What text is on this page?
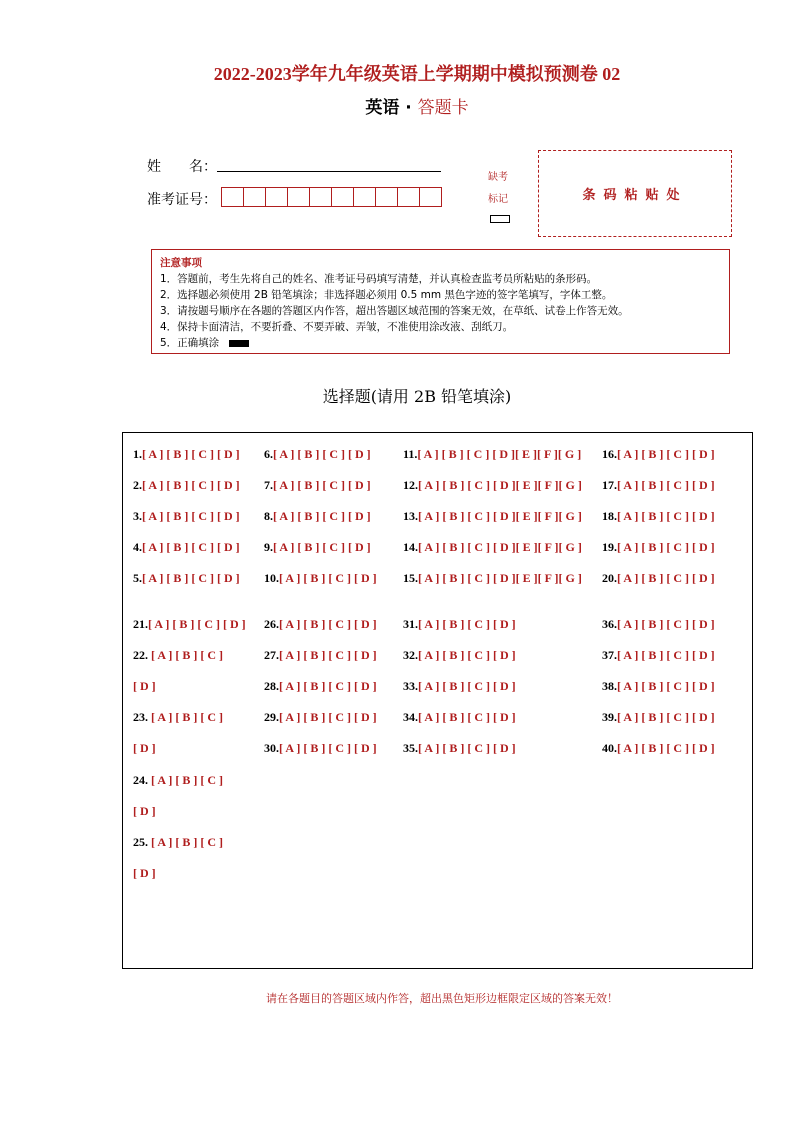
2022-2023学年九年级英语上学期期中模拟预测卷 02
英语 · 答题卡
姓　　名：
准考证号：
缺考
标记	条码粘贴处
注意事项
1．答题前，考生先将自己的姓名、准考证号码填写清楚，并认真检查监考员所粘贴的条形码。
2．选择题必须使用 2B 铅笔填涂；非选择题必须用 0.5 mm 黑色字迹的签字笔填写，字体工整。
3．请按题号顺序在各题的答题区内作答，超出答题区域范围的答案无效，在草纸、试卷上作答无效。
4．保持卡面清洁，不要折叠、不要弄破、弄皱，不准使用涂改液、刮纸刀。
5．正确填涂
选择题(请用 2B 铅笔填涂)
1.[ A ] [ B ] [ C ] [ D ]
2.[ A ] [ B ] [ C ] [ D ]
3.[ A ] [ B ] [ C ] [ D ]
4.[ A ] [ B ] [ C ] [ D ]
5.[ A ] [ B ] [ C ] [ D ]
6.[ A ] [ B ] [ C ] [ D ]
7.[ A ] [ B ] [ C ] [ D ]
8.[ A ] [ B ] [ C ] [ D ]
9.[ A ] [ B ] [ C ] [ D ]
10.[ A ] [ B ] [ C ] [ D ]
11.[ A ] [ B ] [ C ] [ D ][ E ][ F ][ G ]
12.[ A ] [ B ] [ C ] [ D ][ E ][ F ][ G ]
13.[ A ] [ B ] [ C ] [ D ][ E ][ F ][ G ]
14.[ A ] [ B ] [ C ] [ D ][ E ][ F ][ G ]
15.[ A ] [ B ] [ C ] [ D ][ E ][ F ][ G ]
16.[ A ] [ B ] [ C ] [ D ]
17.[ A ] [ B ] [ C ] [ D ]
18.[ A ] [ B ] [ C ] [ D ]
19.[ A ] [ B ] [ C ] [ D ]
20.[ A ] [ B ] [ C ] [ D ]
21.[ A ] [ B ] [ C ] [ D ]
22. [ A ] [ B ] [ C ]
[ D ]
23. [ A ] [ B ] [ C ]
[ D ]
24. [ A ] [ B ] [ C ]
[ D ]
25. [ A ] [ B ] [ C ]
[ D ]
26.[ A ] [ B ] [ C ] [ D ]
27.[ A ] [ B ] [ C ] [ D ]
28.[ A ] [ B ] [ C ] [ D ]
29.[ A ] [ B ] [ C ] [ D ]
30.[ A ] [ B ] [ C ] [ D ]
31.[ A ] [ B ] [ C ] [ D ]
32.[ A ] [ B ] [ C ] [ D ]
33.[ A ] [ B ] [ C ] [ D ]
34.[ A ] [ B ] [ C ] [ D ]
35.[ A ] [ B ] [ C ] [ D ]
36.[ A ] [ B ] [ C ] [ D ]
37.[ A ] [ B ] [ C ] [ D ]
38.[ A ] [ B ] [ C ] [ D ]
39.[ A ] [ B ] [ C ] [ D ]
40.[ A ] [ B ] [ C ] [ D ]
请在各题目的答题区域内作答，超出黑色矩形边框限定区域的答案无效！
